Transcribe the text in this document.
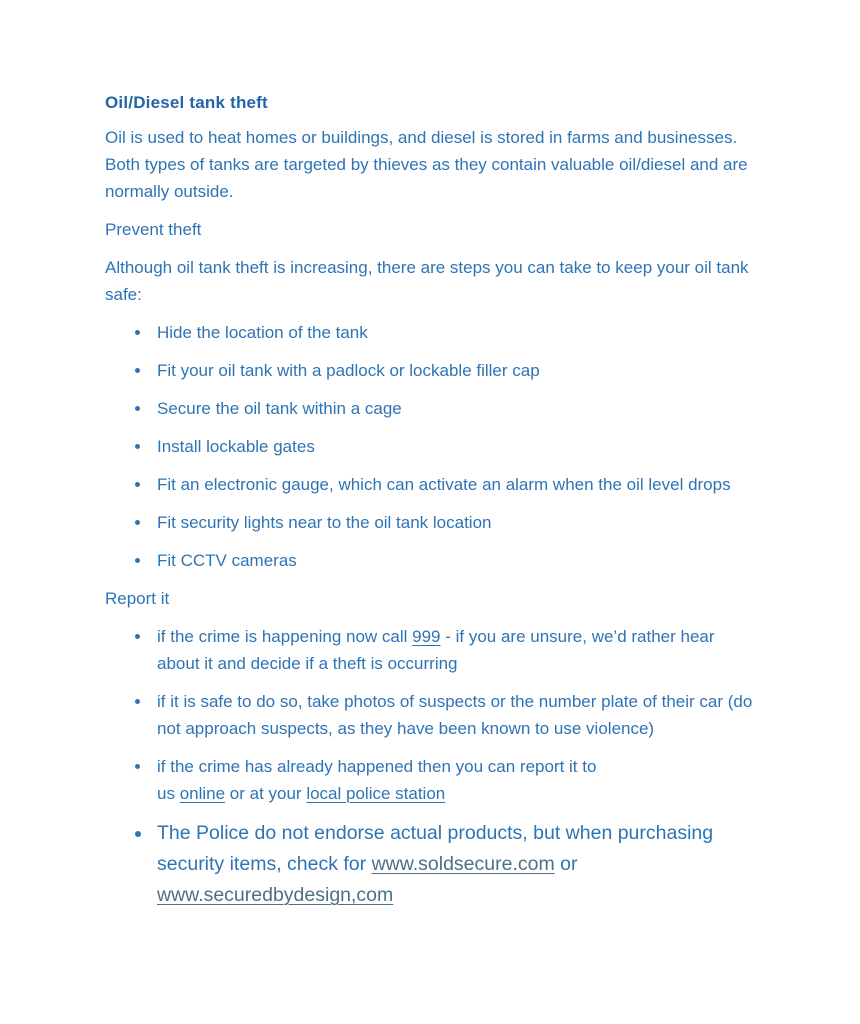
Oil/Diesel tank theft

Oil is used to heat homes or buildings, and diesel is stored in farms and businesses. Both types of tanks are targeted by thieves as they contain valuable oil/diesel and are normally outside.

Prevent theft

Although oil tank theft is increasing, there are steps you can take to keep your oil tank safe:

Hide the location of the tank
Fit your oil tank with a padlock or lockable filler cap
Secure the oil tank within a cage
Install lockable gates
Fit an electronic gauge, which can activate an alarm when the oil level drops
Fit security lights near to the oil tank location
Fit CCTV cameras
Report it
if the crime is happening now call 999 - if you are unsure, we’d rather hear about it and decide if a theft is occurring
if it is safe to do so, take photos of suspects or the number plate of their car (do not approach suspects, as they have been known to use violence)
if the crime has already happened then you can report it to
us online or at your local police station
The Police do not endorse actual products, but when purchasing security items, check for www.soldsecure.com or www.securedbydesign,com
